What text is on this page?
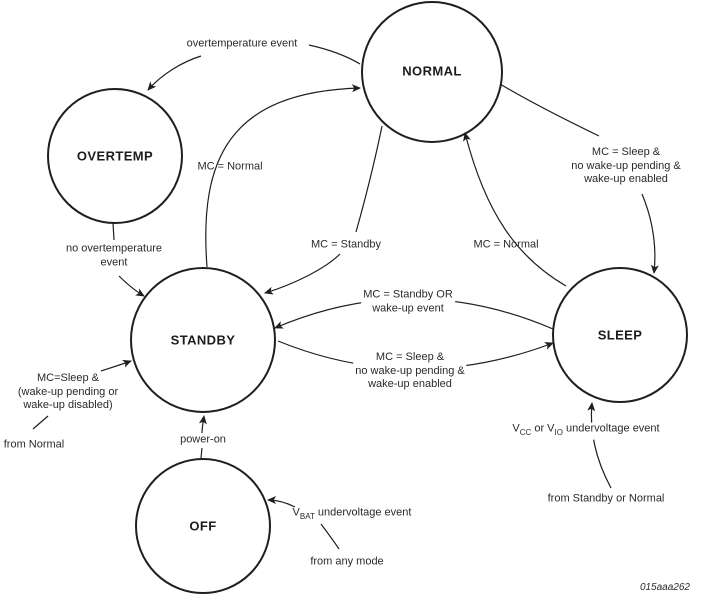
NORMAL
OVERTEMP
STANDBY	SLEEP
OFF
overtemperature event
no overtemperature
event
MC = Normal
MC = Standby	MC = Normal
MC = Sleep &
no wake-up pending &
wake-up enabled
MC = Standby OR
wake-up event
MC = Sleep &
no wake-up pending &
wake-up enabled
MC=Sleep &
(wake-up pending or
wake-up disabled)
from Normal	power-on
$V_{BAT}$ undervoltage event
from any mode
$V_{CC}$ or $V_{IO}$ undervoltage event
from Standby or Normal
015aaa262
